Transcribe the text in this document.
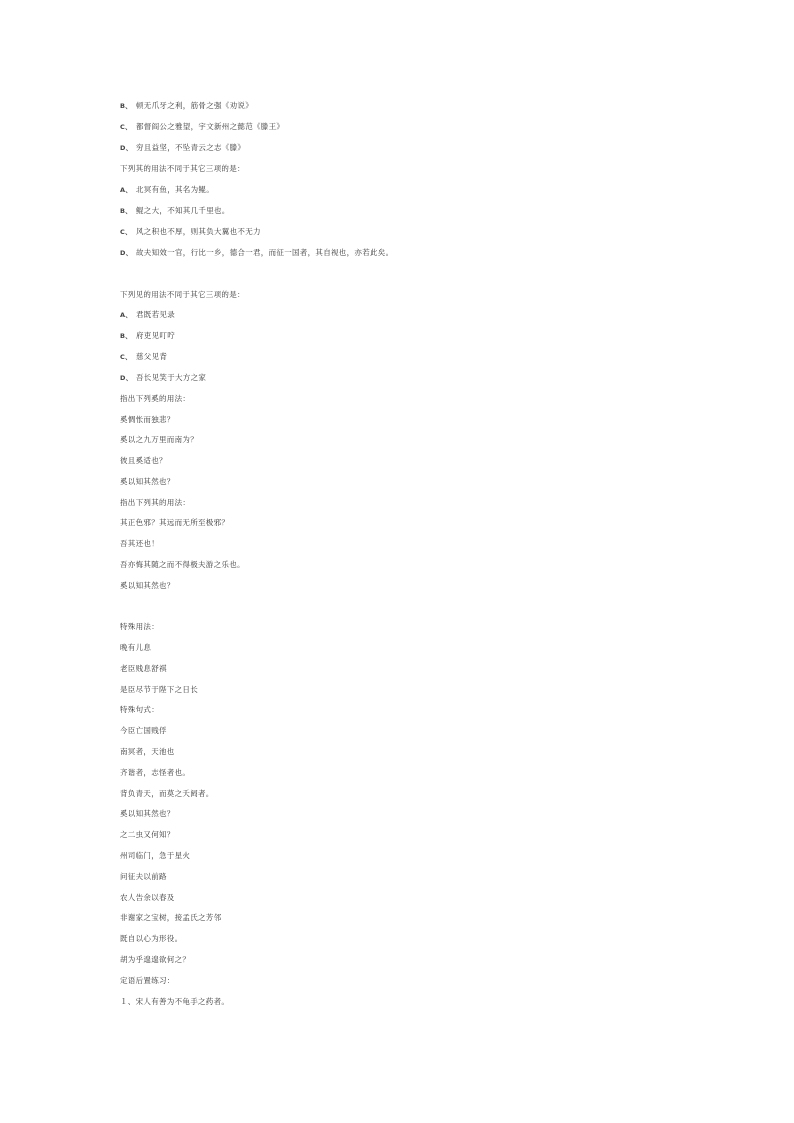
B、 顿无爪牙之利，筋骨之强《劝说》
C、 都督阎公之雅望，宇文新州之懿范《滕王》
D、 穷且益坚，不坠青云之志《滕》
下列其的用法不同于其它三项的是：
A、 北冥有鱼，其名为鲲。
B、 鲲之大，不知其几千里也。
C、 风之积也不厚，则其负大翼也不无力
D、 故夫知效一官，行比一乡，德合一君，而征一国者，其自视也，亦若此矣。
下列见的用法不同于其它三项的是：
A、 君既若见录
B、 府吏见叮咛
C、 慈父见背
D、 吾长见笑于大方之家
指出下列奚的用法：
奚惆怅而独悲？
奚以之九万里而南为？
彼且奚适也？
奚以知其然也？
指出下列其的用法：
其正色邪？其远而无所至极邪？
吾其还也！
吾亦悔其随之而不得极夫游之乐也。
奚以知其然也？
特殊用法：
晚有儿息
老臣贱息舒祺
是臣尽节于陛下之日长
特殊句式：
今臣亡国贱俘
南冥者，天池也
齐谐者，志怪者也。
背负青天，而莫之夭阏者。
奚以知其然也？
之二虫又何知？
州司临门，急于星火
问征夫以前路
农人告余以春及
非谢家之宝树，接孟氏之芳邻
既自以心为形役。
胡为乎遑遑欲何之？
定语后置练习：
１、宋人有善为不龟手之药者。
